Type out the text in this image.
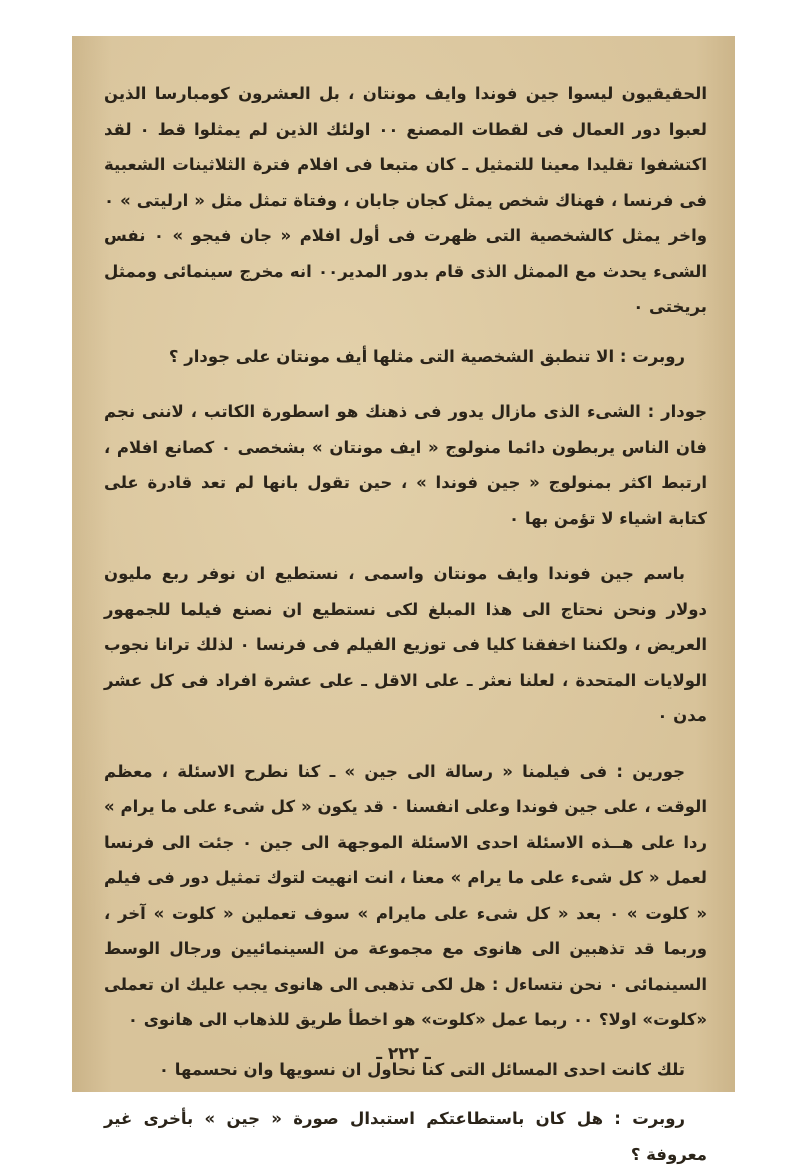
الحقيقيون ليسوا جين فوندا وايف مونتان ، بل العشرون كومبارسا الذين لعبوا دور العمال فى لقطات المصنع ٠٠ اولئك الذين لم يمثلوا قط ٠ لقد اكتشفوا تقليدا معينا للتمثيل ـ كان متبعا فى افلام فترة الثلاثينات الشعبية فى فرنسا ، فهناك شخص يمثل كجان جابان ، وفتاة تمثل مثل « ارليتى » ٠ واخر يمثل كالشخصية التى ظهرت فى أول افلام « جان فيجو » ٠ نفس الشىء يحدث مع الممثل الذى قام بدور المدير٠٠ انه مخرج سينمائى وممثل بريختى ٠

روبرت : الا تنطبق الشخصية التى مثلها أيف مونتان على جودار ؟

جودار : الشىء الذى مازال يدور فى ذهنك هو اسطورة الكاتب ، لاننى نجم فان الناس يربطون دائما منولوج « ايف مونتان » بشخصى ٠ كصانع افلام ، ارتبط اكثر بمنولوج « جين فوندا » ، حين تقول بانها لم تعد قادرة على كتابة اشياء لا تؤمن بها ٠

باسم جين فوندا وايف مونتان واسمى ، نستطيع ان نوفر ربع مليون دولار ونحن نحتاج الى هذا المبلغ لكى نستطيع ان نصنع فيلما للجمهور العريض ، ولكننا اخفقنا كليا فى توزيع الفيلم فى فرنسا ٠ لذلك ترانا نجوب الولايات المتحدة ، لعلنا نعثر ـ على الاقل ـ على عشرة افراد فى كل عشر مدن ٠

جورين : فى فيلمنا « رسالة الى جين » ـ كنا نطرح الاسئلة ، معظم الوقت ، على جين فوندا وعلى انفسنا ٠ قد يكون « كل شىء على ما يرام » ردا على هــذه الاسئلة احدى الاسئلة الموجهة الى جين ٠ جئت الى فرنسا لعمل « كل شىء على ما يرام » معنا ، انت انهيت لتوك تمثيل دور فى فيلم « كلوت » ٠ بعد « كل شىء على مايرام » سوف تعملين « كلوت » آخر ، وربما قد تذهبين الى هانوى مع مجموعة من السينمائيين ورجال الوسط السينمائى ٠ نحن نتساءل : هل لكى تذهبى الى هانوى يجب عليك ان تعملى «كلوت» اولا؟ ٠٠ ربما عمل «كلوت» هو اخطأ طريق للذهاب الى هانوى ٠

تلك كانت احدى المسائل التى كنا نحاول ان نسويها وان نحسمها ٠

روبرت : هل كان باستطاعتكم استبدال صورة « جين » بأخرى غير معروفة ؟

ـ ٢٢٢ ـ
